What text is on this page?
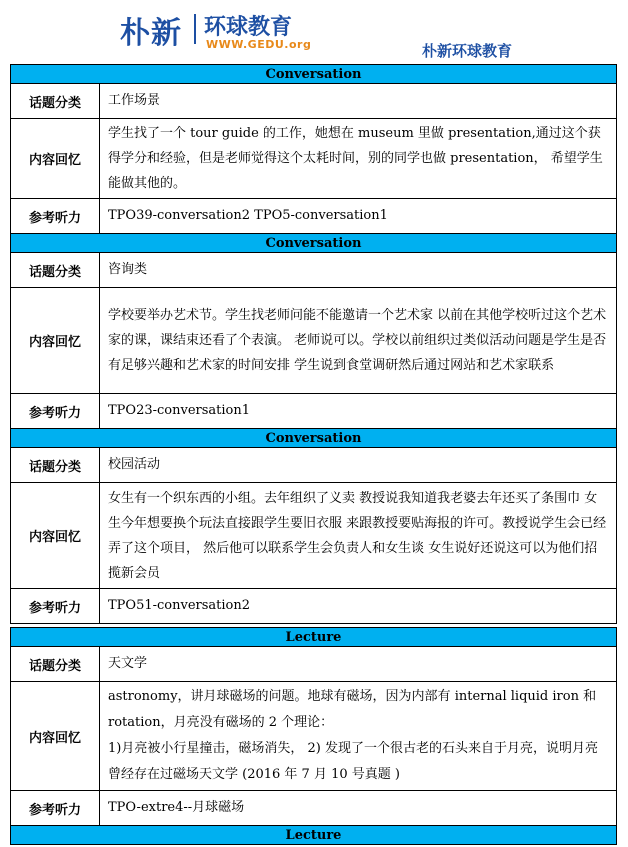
朴新 环球教育
WWW.GEDU.org	朴新环球教育
Conversation	
话题分类	工作场景
内容回忆	学生找了一个 tour guide 的工作，她想在 museum 里做 presentation,通过这个获得学分和经验，但是老师觉得这个太耗时间，别的同学也做 presentation， 希望学生能做其他的。
参考听力	TPO39-conversation2 TPO5-conversation1
Conversation	
话题分类	咨询类
内容回忆	学校要举办艺术节。学生找老师问能不能邀请一个艺术家 以前在其他学校听过这个艺术家的课，课结束还看了个表演。 老师说可以。学校以前组织过类似活动问题是学生是否有足够兴趣和艺术家的时间安排 学生说到食堂调研然后通过网站和艺术家联系
参考听力	TPO23-conversation1
Conversation	
话题分类	校园活动
内容回忆	女生有一个织东西的小组。去年组织了义卖 教授说我知道我老婆去年还买了条围巾 女生今年想要换个玩法直接跟学生要旧衣服 来跟教授要贴海报的许可。教授说学生会已经弄了这个项目， 然后他可以联系学生会负责人和女生谈 女生说好还说这可以为他们招揽新会员
参考听力	TPO51-conversation2
Lecture	
话题分类	天文学
内容回忆	astronomy，讲月球磁场的问题。地球有磁场，因为内部有 internal liquid iron 和 rotation，月亮没有磁场的 2 个理论：
1)月亮被小行星撞击，磁场消失， 2) 发现了一个很古老的石头来自于月亮，说明月亮曾经存在过磁场天文学 (2016 年 7 月 10 号真题 )

参考听力	TPO-extre4--月球磁场
Lecture	
